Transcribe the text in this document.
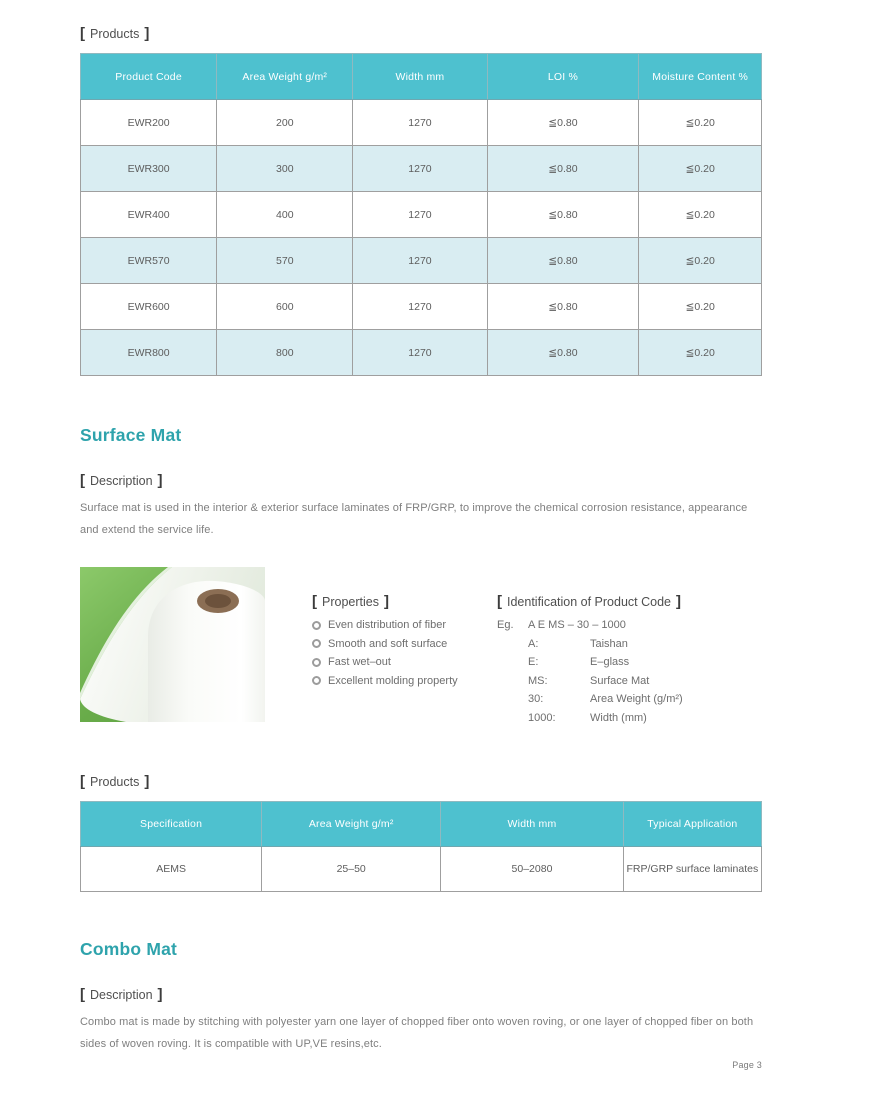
[ Products ]
Product Code	Area Weight g/m²	Width mm	LOI %	Moisture Content %
EWR200	200	1270	≦0.80	≦0.20
EWR300	300	1270	≦0.80	≦0.20
EWR400	400	1270	≦0.80	≦0.20
EWR570	570	1270	≦0.80	≦0.20
EWR600	600	1270	≦0.80	≦0.20
EWR800	800	1270	≦0.80	≦0.20
Surface Mat
[ Description ]

Surface mat is used in the interior & exterior surface laminates of FRP/GRP, to improve the chemical corrosion resistance, appearance and extend the service life.

[ Properties ]
Even distribution of fiber
Smooth and soft surface
Fast wet–out
Excellent molding property
[ Identification of Product Code ]
Eg.	A E MS – 30 – 1000
A:	Taishan
E:	E–glass
MS:	Surface Mat
30:	Area Weight (g/m²)
1000:	Width (mm)
[ Products ]
Specification	Area Weight g/m²	Width mm	Typical Application
AEMS	25–50	50–2080	FRP/GRP surface laminates
Combo Mat
[ Description ]

Combo mat is made by stitching with polyester yarn one layer of chopped fiber onto woven roving, or one layer of chopped fiber on both sides of woven roving. It is compatible with UP,VE resins,etc.

Page 3
